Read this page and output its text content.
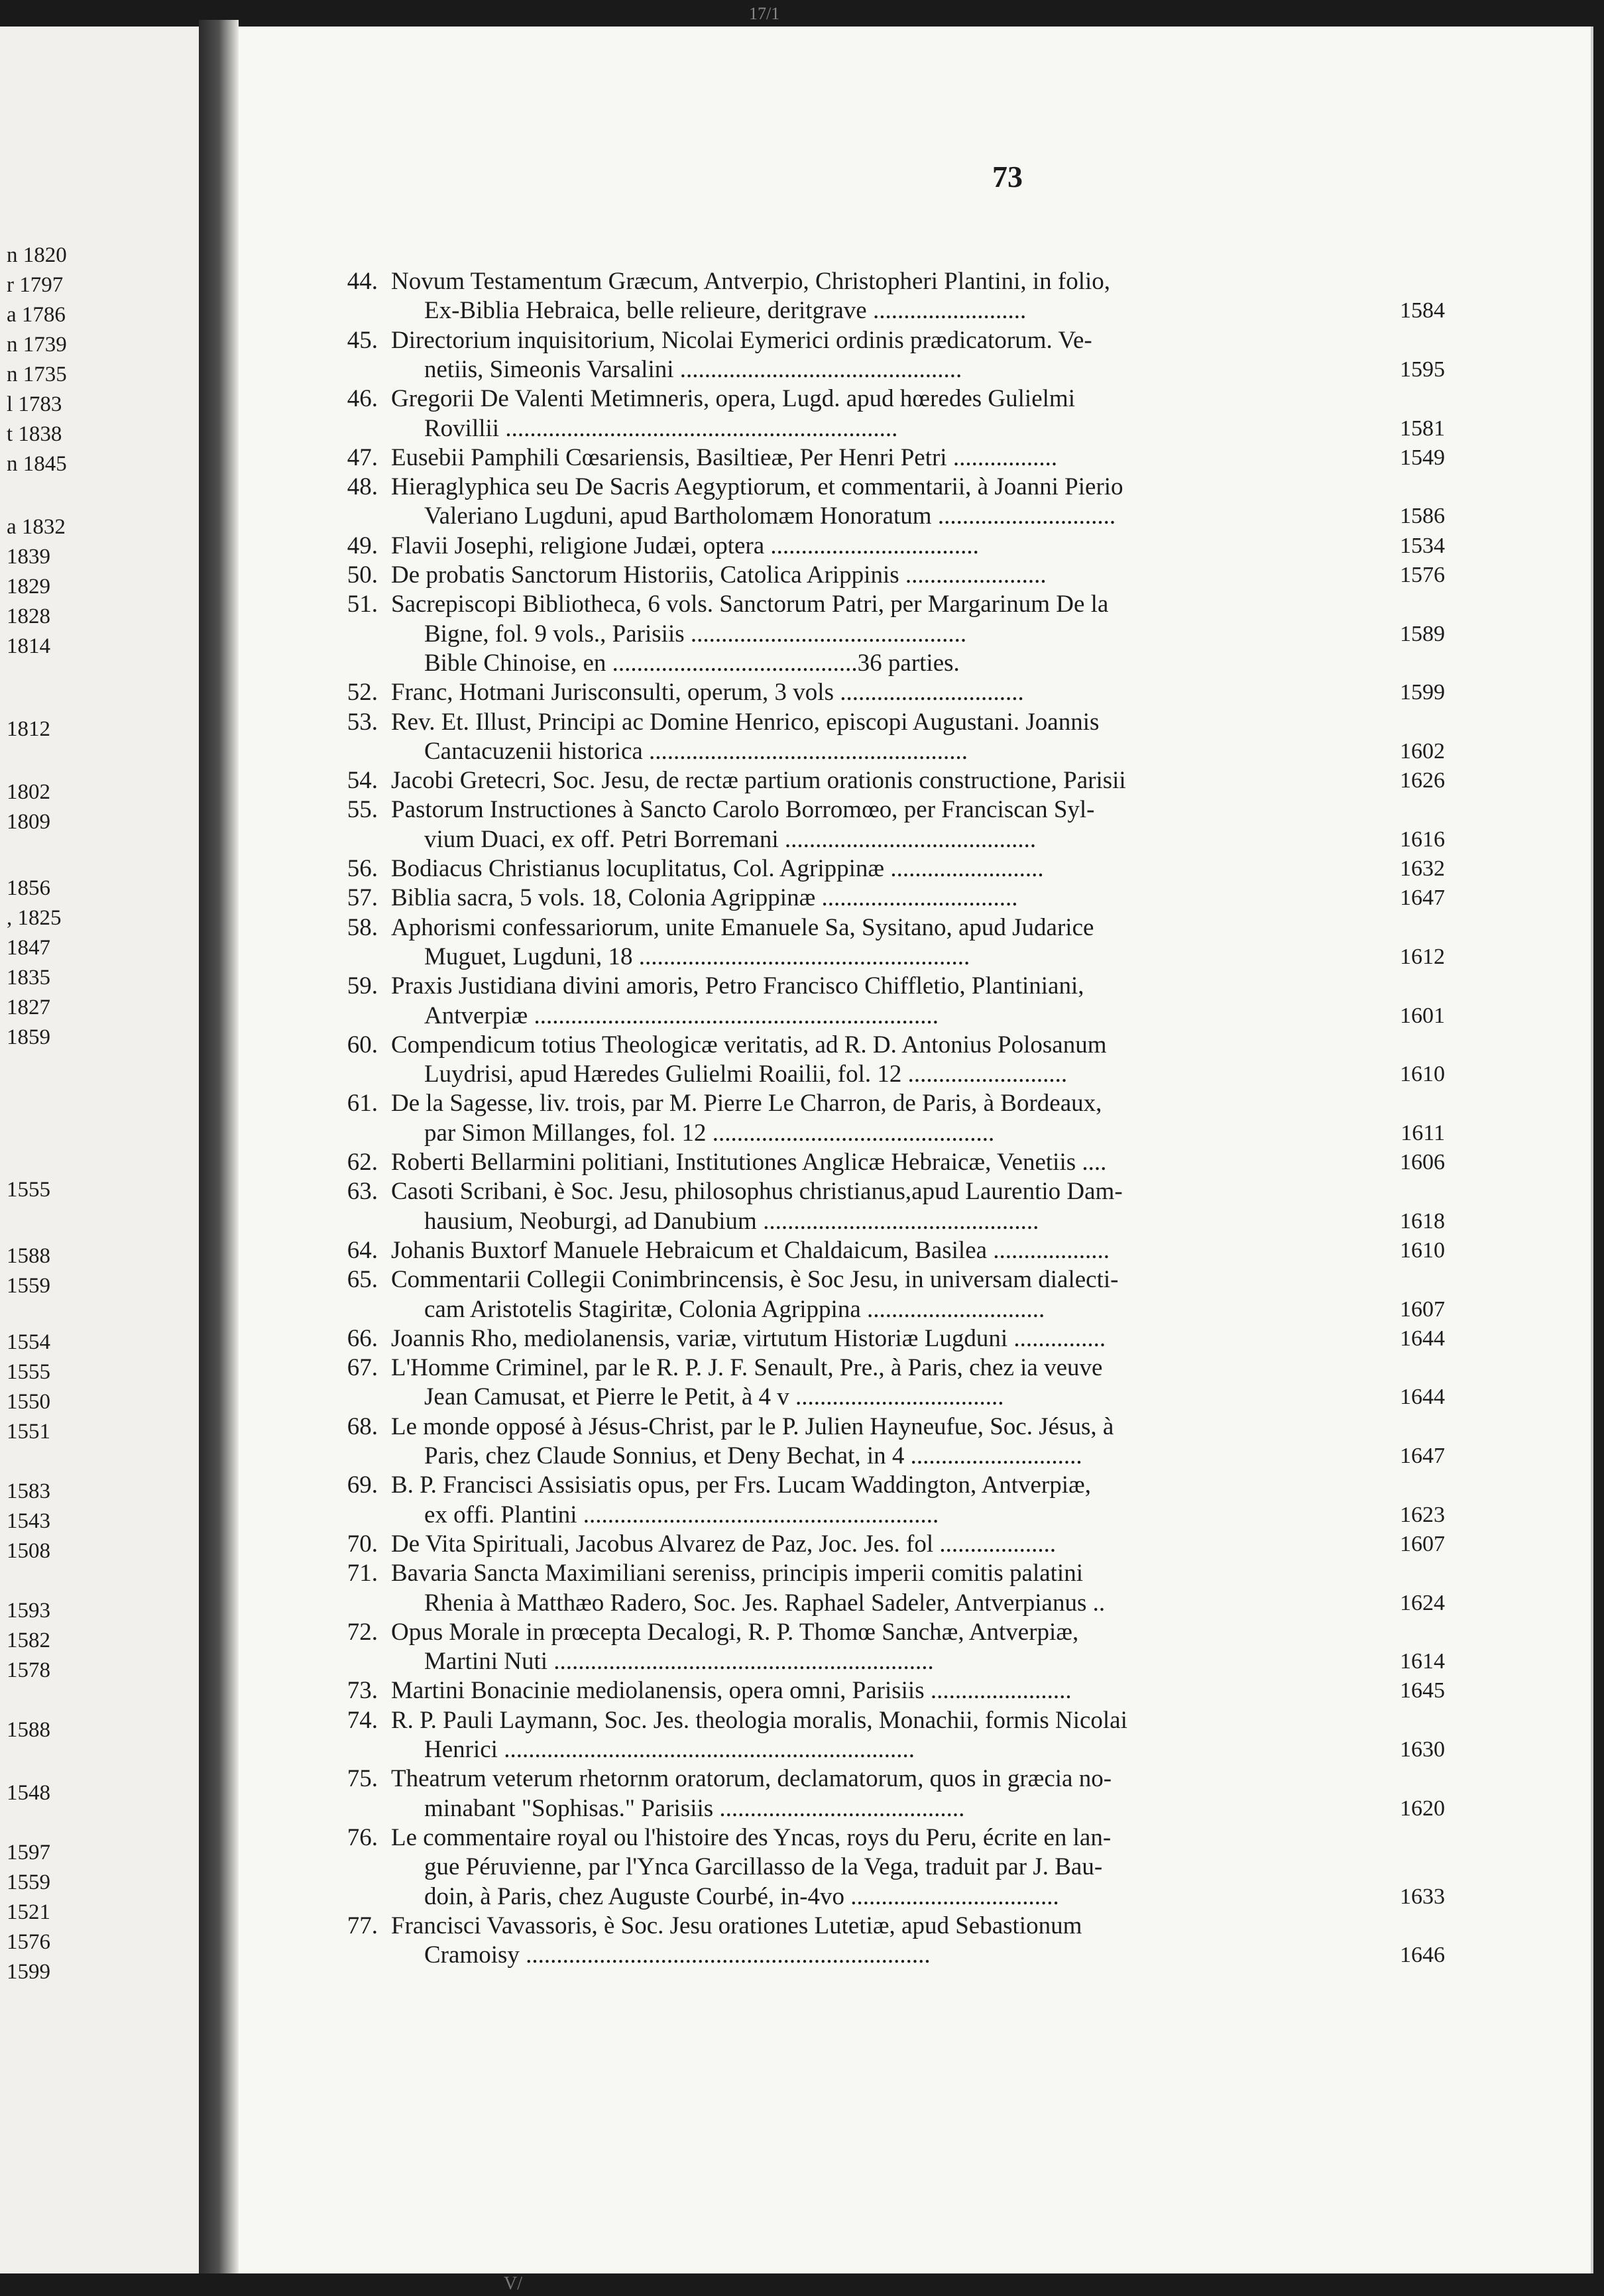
17/1
n 1820
r 1797
a 1786
n 1739
n 1735
l 1783
t 1838
n 1845
a 1832
1839
1829
1828
1814
1812
1802
1809
1856
, 1825
1847
1835
1827
1859
1555
1588
1559
1554
1555
1550
1551
1583
1543
1508
1593
1582
1578
1588
1548
1597
1559
1521
1576
1599
73
44. Novum Testamentum Græcum, Antverpio, Christopheri Plantini, in folio,
Ex-Biblia Hebraica, belle relieure, deritgrave .........................	1584
45. Directorium inquisitorium, Nicolai Eymerici ordinis prædicatorum. Ve-
netiis, Simeonis Varsalini ..............................................	1595
46. Gregorii De Valenti Metimneris, opera, Lugd. apud hœredes Gulielmi
Rovillii ................................................................	1581
47. Eusebii Pamphili Cœsariensis, Basiltieæ, Per Henri Petri .................	1549
48. Hieraglyphica seu De Sacris Aegyptiorum, et commentarii, à Joanni Pierio
Valeriano Lugduni, apud Bartholomæm Honoratum .............................	1586
49. Flavii Josephi, religione Judæi, optera ..................................	1534
50. De probatis Sanctorum Historiis, Catolica Arippinis .......................	1576
51. Sacrepiscopi Bibliotheca, 6 vols. Sanctorum Patri, per Margarinum De la
Bigne, fol. 9 vols., Parisiis .............................................	1589
Bible Chinoise, en ........................................36 parties.
52. Franc, Hotmani Jurisconsulti, operum, 3 vols ..............................	1599
53. Rev. Et. Illust, Principi ac Domine Henrico, episcopi Augustani. Joannis
Cantacuzenii historica ....................................................	1602
54. Jacobi Gretecri, Soc. Jesu, de rectæ partium orationis constructione, Parisii	1626
55. Pastorum Instructiones à Sancto Carolo Borromœo, per Franciscan Syl-
vium Duaci, ex off. Petri Borremani .........................................	1616
56. Bodiacus Christianus locuplitatus, Col. Agrippinæ .........................	1632
57. Biblia sacra, 5 vols. 18, Colonia Agrippinæ ................................	1647
58. Aphorismi confessariorum, unite Emanuele Sa, Sysitano, apud Judarice
Muguet, Lugduni, 18 ......................................................	1612
59. Praxis Justidiana divini amoris, Petro Francisco Chiffletio, Plantiniani,
Antverpiæ ..................................................................	1601
60. Compendicum totius Theologicæ veritatis, ad R. D. Antonius Polosanum
Luydrisi, apud Hæredes Gulielmi Roailii, fol. 12 ..........................	1610
61. De la Sagesse, liv. trois, par M. Pierre Le Charron, de Paris, à Bordeaux,
par Simon Millanges, fol. 12 ..............................................	1611
62. Roberti Bellarmini politiani, Institutiones Anglicæ Hebraicæ, Venetiis ....	1606
63. Casoti Scribani, è Soc. Jesu, philosophus christianus,apud Laurentio Dam-
hausium, Neoburgi, ad Danubium .............................................	1618
64. Johanis Buxtorf Manuele Hebraicum et Chaldaicum, Basilea ...................	1610
65. Commentarii Collegii Conimbrincensis, è Soc Jesu, in universam dialecti-
cam Aristotelis Stagiritæ, Colonia Agrippina .............................	1607
66. Joannis Rho, mediolanensis, variæ, virtutum Historiæ Lugduni ...............	1644
67. L'Homme Criminel, par le R. P. J. F. Senault, Pre., à Paris, chez ia veuve
Jean Camusat, et Pierre le Petit, à 4 v ..................................	1644
68. Le monde opposé à Jésus-Christ, par le P. Julien Hayneufue, Soc. Jésus, à
Paris, chez Claude Sonnius, et Deny Bechat, in 4 ............................	1647
69. B. P. Francisci Assisiatis opus, per Frs. Lucam Waddington, Antverpiæ,
ex offi. Plantini ..........................................................	1623
70. De Vita Spirituali, Jacobus Alvarez de Paz, Joc. Jes. fol ...................	1607
71. Bavaria Sancta Maximiliani sereniss, principis imperii comitis palatini
Rhenia à Matthæo Radero, Soc. Jes. Raphael Sadeler, Antverpianus ..	1624
72. Opus Morale in prœcepta Decalogi, R. P. Thomœ Sanchæ, Antverpiæ,
Martini Nuti ..............................................................	1614
73. Martini Bonacinie mediolanensis, opera omni, Parisiis .......................	1645
74. R. P. Pauli Laymann, Soc. Jes. theologia moralis, Monachii, formis Nicolai
Henrici ...................................................................	1630
75. Theatrum veterum rhetornm oratorum, declamatorum, quos in græcia no-
minabant "Sophisas." Parisiis ........................................	1620
76. Le commentaire royal ou l'histoire des Yncas, roys du Peru, écrite en lan-
gue Péruvienne, par l'Ynca Garcillasso de la Vega, traduit par J. Bau-
doin, à Paris, chez Auguste Courbé, in-4vo ..................................	1633
77. Francisci Vavassoris, è Soc. Jesu orationes Lutetiæ, apud Sebastionum
Cramoisy ..................................................................	1646
V/
